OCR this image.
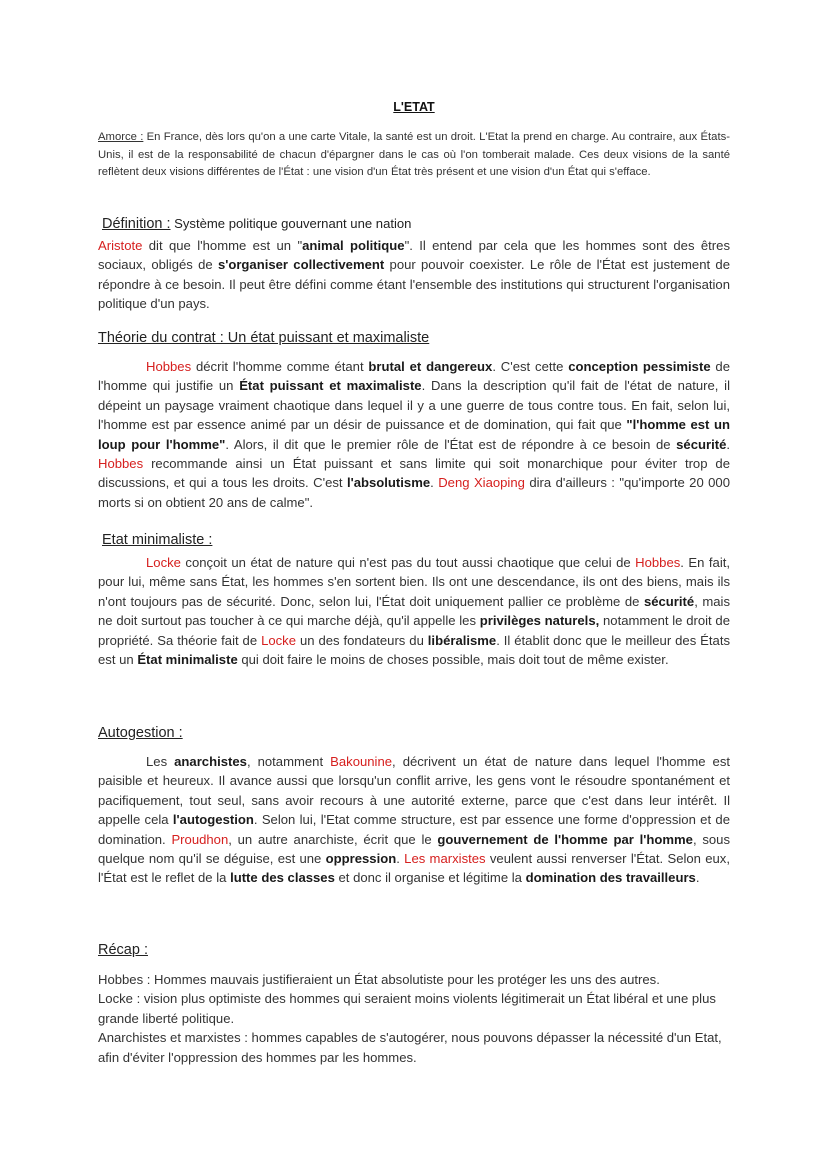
L'ETAT
Amorce : En France, dès lors qu'on a une carte Vitale, la santé est un droit. L'Etat la prend en charge. Au contraire, aux États-Unis, il est de la responsabilité de chacun d'épargner dans le cas où l'on tomberait malade. Ces deux visions de la santé reflètent deux visions différentes de l'État : une vision d'un État très présent et une vision d'un État qui s'efface.
Définition : Système politique gouvernant une nation
Aristote dit que l'homme est un "animal politique". Il entend par cela que les hommes sont des êtres sociaux, obligés de s'organiser collectivement pour pouvoir coexister. Le rôle de l'État est justement de répondre à ce besoin. Il peut être défini comme étant l'ensemble des institutions qui structurent l'organisation politique d'un pays.
Théorie du contrat : Un état puissant et maximaliste
Hobbes décrit l'homme comme étant brutal et dangereux. C'est cette conception pessimiste de l'homme qui justifie un État puissant et maximaliste. Dans la description qu'il fait de l'état de nature, il dépeint un paysage vraiment chaotique dans lequel il y a une guerre de tous contre tous. En fait, selon lui, l'homme est par essence animé par un désir de puissance et de domination, qui fait que "l'homme est un loup pour l'homme". Alors, il dit que le premier rôle de l'État est de répondre à ce besoin de sécurité. Hobbes recommande ainsi un État puissant et sans limite qui soit monarchique pour éviter trop de discussions, et qui a tous les droits. C'est l'absolutisme. Deng Xiaoping dira d'ailleurs : "qu'importe 20 000 morts si on obtient 20 ans de calme".
Etat minimaliste :
Locke conçoit un état de nature qui n'est pas du tout aussi chaotique que celui de Hobbes. En fait, pour lui, même sans État, les hommes s'en sortent bien. Ils ont une descendance, ils ont des biens, mais ils n'ont toujours pas de sécurité. Donc, selon lui, l'État doit uniquement pallier ce problème de sécurité, mais ne doit surtout pas toucher à ce qui marche déjà, qu'il appelle les privilèges naturels, notamment le droit de propriété. Sa théorie fait de Locke un des fondateurs du libéralisme. Il établit donc que le meilleur des États est un État minimaliste qui doit faire le moins de choses possible, mais doit tout de même exister.
Autogestion :
Les anarchistes, notamment Bakounine, décrivent un état de nature dans lequel l'homme est paisible et heureux. Il avance aussi que lorsqu'un conflit arrive, les gens vont le résoudre spontanément et pacifiquement, tout seul, sans avoir recours à une autorité externe, parce que c'est dans leur intérêt. Il appelle cela l'autogestion. Selon lui, l'Etat comme structure, est par essence une forme d'oppression et de domination. Proudhon, un autre anarchiste, écrit que le gouvernement de l'homme par l'homme, sous quelque nom qu'il se déguise, est une oppression. Les marxistes veulent aussi renverser l'État. Selon eux, l'État est le reflet de la lutte des classes et donc il organise et légitime la domination des travailleurs.
Récap :
Hobbes : Hommes mauvais justifieraient un État absolutiste pour les protéger les uns des autres.
Locke : vision plus optimiste des hommes qui seraient moins violents légitimerait un État libéral et une plus grande liberté politique.
Anarchistes et marxistes : hommes capables de s'autogérer, nous pouvons dépasser la nécessité d'un Etat, afin d'éviter l'oppression des hommes par les hommes.
